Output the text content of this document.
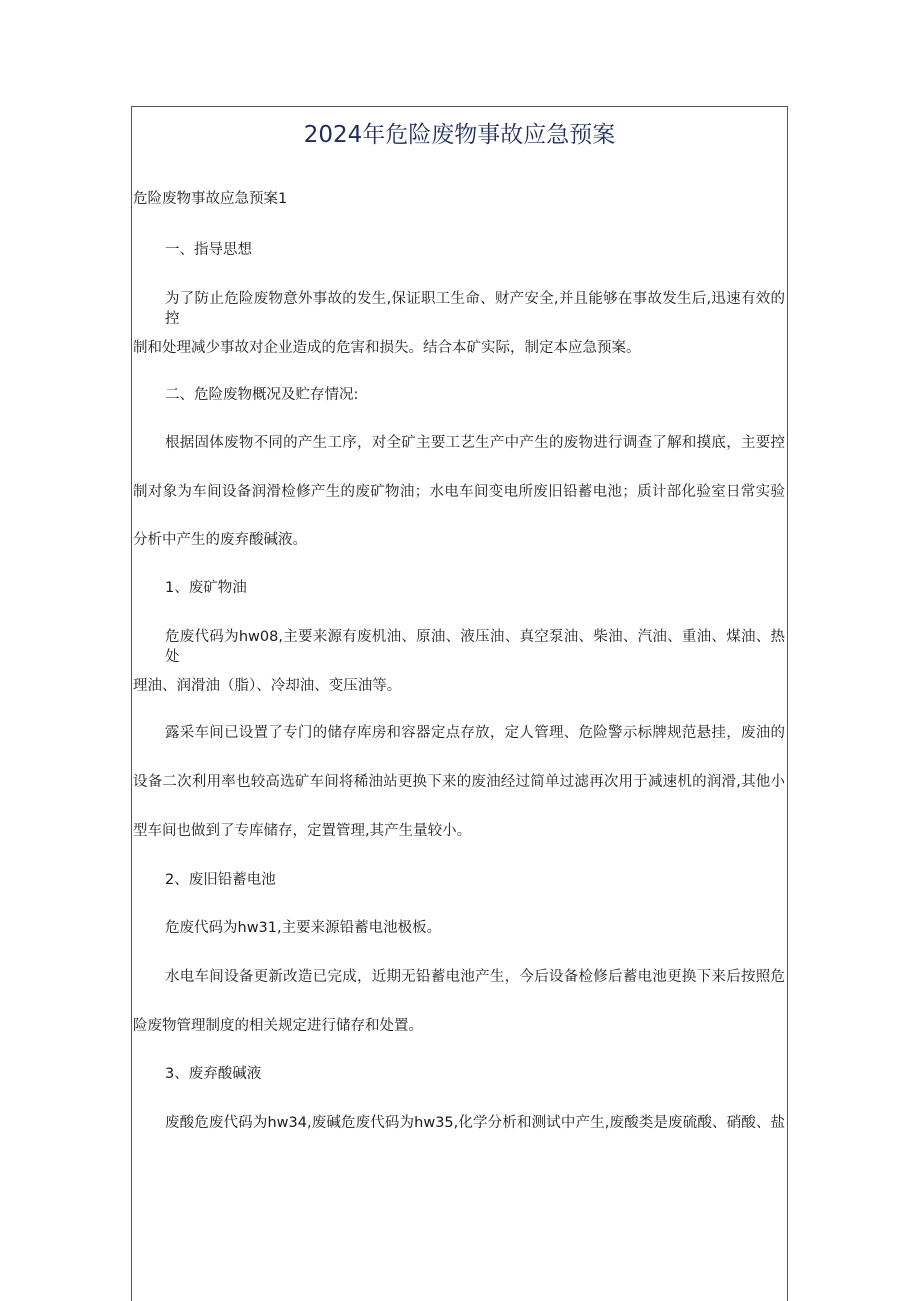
2024年危险废物事故应急预案
危险废物事故应急预案1
一、指导思想
为了防止危险废物意外事故的发生,保证职工生命、财产安全,并且能够在事故发生后,迅速有效的控
制和处理减少事故对企业造成的危害和损失。结合本矿实际，制定本应急预案。
二、危险废物概况及贮存情况:
根据固体废物不同的产生工序，对全矿主要工艺生产中产生的废物进行调查了解和摸底，主要控
制对象为车间设备润滑检修产生的废矿物油；水电车间变电所废旧铅蓄电池；质计部化验室日常实验
分析中产生的废弃酸碱液。
1、废矿物油
危废代码为hw08,主要来源有废机油、原油、液压油、真空泵油、柴油、汽油、重油、煤油、热处
理油、润滑油（脂）、冷却油、变压油等。
露采车间已设置了专门的储存库房和容器定点存放，定人管理、危险警示标牌规范悬挂，废油的
设备二次利用率也较高选矿车间将稀油站更换下来的废油经过简单过滤再次用于减速机的润滑,其他小
型车间也做到了专库储存，定置管理,其产生量较小。
2、废旧铅蓄电池
危废代码为hw31,主要来源铅蓄电池极板。
水电车间设备更新改造已完成，近期无铅蓄电池产生，今后设备检修后蓄电池更换下来后按照危
险废物管理制度的相关规定进行储存和处置。
3、废弃酸碱液
废酸危废代码为hw34,废碱危废代码为hw35,化学分析和测试中产生,废酸类是废硫酸、硝酸、盐
